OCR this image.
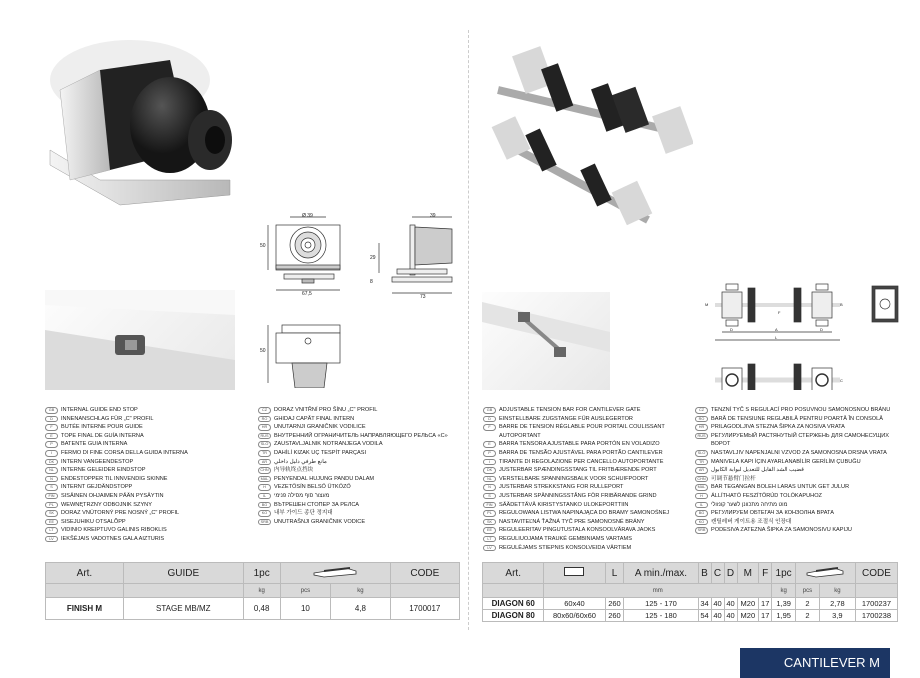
Ø 39
50
67,5
39
29
8
73
50
GB	INTERNAL GUIDE END STOP
D	INNENANSCHLAG FÜR „C" PROFIL
F	BUTÉE INTERNE POUR GUIDE
E	TOPE FINAL DE GUÍA INTERNA
P	BATENTE GUIA INTERNA
I	FERMO DI FINE CORSA DELLA GUIDA INTERNA
DK	INTERN VANGEENDESTOP
NL	INTERNE GELEIDER EINDSTOP
N	ENDESTOPPER TIL INNVENDIG SKINNE
S	INTERNT GEJDÄNDSTOPP
FIN	SISÄINEN OHJAIMEN PÄÄN PYSÄYTIN
PL	WEWNĘTRZNY ODBOJNIK SZYNY
SK	DORAZ VNÚTORNÝ PRE NOSNÝ „C" PROFIL
EE	SISEJUHIKU OTSALÕPP
LT	VIDINIO KREIPTUVO GALINIS RIBOKLIS
LV	IEKŠĒJAIS VADOTNES GALA AIZTURIS
CZ	DORAZ VNITŘNÍ PRO ŠÍNU „C" PROFIL
RO	GHIDAJ CAPĂT FINAL INTERN
HR	UNUTARNJI GRANIČNIK VODILICE
RUS ВНУТРЕННИЙ ОГРАНИЧИТЕЛЬ НАПРАВЛЯЮЩЕГО РЕЛЬСА «С»
SLO	ZAUSTAVLJALNIK NOTRANJEGA VODILA
TR	DAHİLİ KIZAK UÇ TESPİT PARÇASI
AR	مانع طرفي دليل داخلي
CHN 内导轨终点挡块
MAL PENYENDAL HUJUNG PANDU DALAM
H	VEZETŐSÍN BELSŐ ÜTKÖZŐ
IL	מעצור סוף מסילה פנימי
BG	ВЪТРЕШЕН СТОПЕР ЗА РЕЛСА
KO	내부 가이드 종단 정지대
SRB UNUTRAŠNJI GRANIČNIK VODICE
Art.	GUIDE	1pc			CODE
		kg	pcs	kg	
FINISH M	STAGE MB/MZ	0,48	10	4,8	1700017
M	B
D	A	D
L
F
C
GB	ADJUSTABLE TENSION BAR FOR CANTILEVER GATE
D	EINSTELLBARE ZUGSTANGE FÜR AUSLEGERTOR
F	BARRE DE TENSION RÉGLABLE POUR PORTAIL COULISSANT
AUTOPORTANT
E	BARRA TENSORA AJUSTABLE PARA PORTÓN EN VOLADIZO
P	BARRA DE TENSÃO AJUSTÁVEL PARA PORTÃO CANTILEVER
I	TIRANTE DI REGOLAZIONE PER CANCELLO AUTOPORTANTE
DK	JUSTERBAR SPÆNDINGSSTANG TIL FRITBÆRENDE PORT
NL	VERSTELBARE SPANNINGSBALK VOOR SCHUIFPOORT
N	JUSTERBAR STREKKSTANG FOR RULLEPORT
S	JUSTERBAR SPÄNNINGSSTÅNG FÖR FRIBÄRANDE GRIND
FIN	SÄÄDETTÄVÄ KIRISTYSTANKO ULOKEPORTTIIN
PL	REGULOWANA LISTWA NAPINAJĄCA DO BRAMY SAMONOŚNEJ
SK	NASTAVITEĽNÁ ŤAŽNÁ TYČ PRE SAMONOSNÉ BRÁNY
EE	REGULEERITAV PINGUTUSTALA KONSOOLVÄRAVA JAOKS
LT	REGULIUOJAMA TRAUKĖ GEMBINIAMS VARTAMS
LV	REGULĒJAMS STIEPNIS KONSOLVEIDA VĀRTIEM
CZ	TENZNÍ TYČ S REGULACÍ PRO POSUVNOU SAMONOSNOU BRÁNU
RO	BARĂ DE TENSIUNE REGLABILĂ PENTRU POARTĂ ÎN CONSOLĂ
HR	PRILAGODLJIVA STEZNA ŠIPKA ZA NOSIVA VRATA
RUS РЕГУЛИРУЕМЫЙ РАСТЯНУТЫЙ СТЕРЖЕНЬ ДЛЯ САМОНЕСУЩИХ
ВОРОТ
SLO	NASTAVLJIV NAPENJALNI VZVOD ZA SAMONOSNA DRSNA VRATA
TR	MANIVELA KAPI İÇIN AYARLANABİLİR GERİLİM ÇUBUĞU
AR	قضيب الشد القابل للتعديل لبوابة الكابول
CHN 可调节悬臂门拉杆
MAL BAR TEGANGAN BOLEH LARAS UNTUK GET JULUR
H	ÁLLÍTHATÓ FESZÍTŐRÚD TOLÓKAPUHOZ
IL	מוט מתיחה מתכוונן לשער קונזולי
BG	РЕГУЛИРУЕМ ОБТЕГАЧ ЗА КОНЗОЛНА ВРАТА
KO	캔틸레버 게이트용 조절식 인장대
SRB PODESIVA ZATEZNA ŠIPKA ZA SAMONOSIVU KAPIJU
Art.		L	A min./max.	B	C	D	M	F	1pc			CODE
	mm								kg	pcs	kg	
DIAGON 60	60x40	260	125 - 170	34	40	40	M20	17	1,39	2	2,78	1700237
DIAGON 80	80x60/60x60	260	125 - 180	54	40	40	M20	17	1,95	2	3,9	1700238
CANTILEVER M
